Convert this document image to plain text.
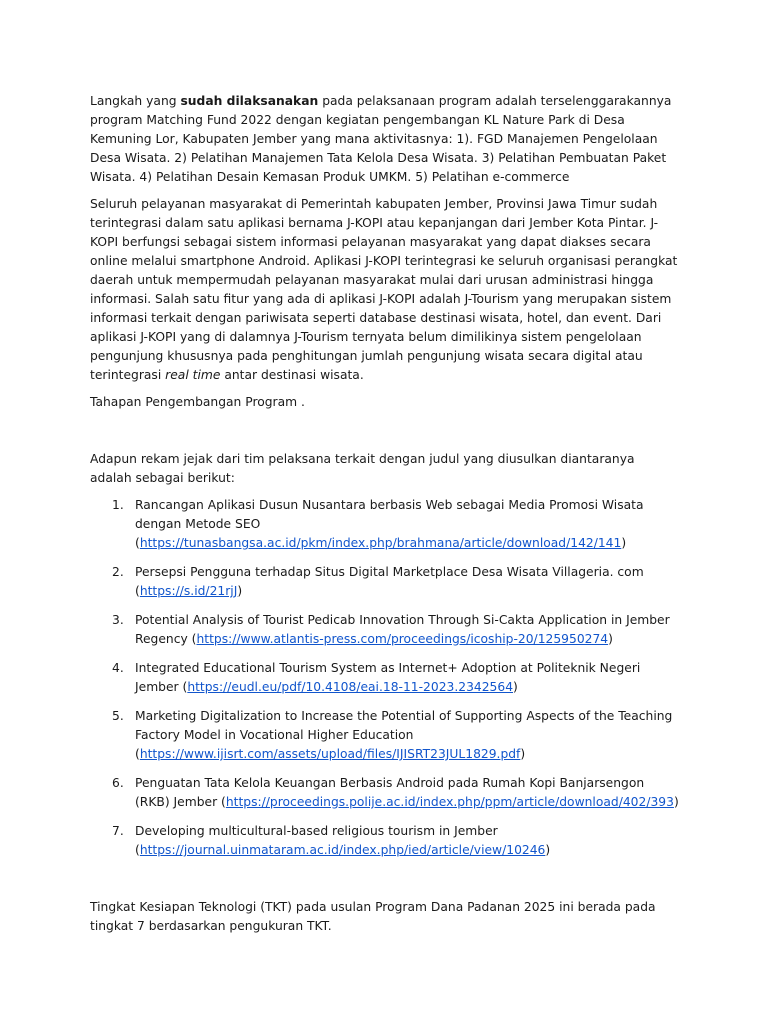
Langkah yang sudah dilaksanakan pada pelaksanaan program adalah terselenggarakannya program Matching Fund 2022 dengan kegiatan pengembangan KL Nature Park di Desa Kemuning Lor, Kabupaten Jember yang mana aktivitasnya: 1). FGD Manajemen Pengelolaan Desa Wisata. 2) Pelatihan Manajemen Tata Kelola Desa Wisata. 3) Pelatihan Pembuatan Paket Wisata. 4) Pelatihan Desain Kemasan Produk UMKM. 5) Pelatihan e-commerce

Seluruh pelayanan masyarakat di Pemerintah kabupaten Jember, Provinsi Jawa Timur sudah terintegrasi dalam satu aplikasi bernama J-KOPI atau kepanjangan dari Jember Kota Pintar. J-KOPI berfungsi sebagai sistem informasi pelayanan masyarakat yang dapat diakses secara online melalui smartphone Android. Aplikasi J-KOPI terintegrasi ke seluruh organisasi perangkat daerah untuk mempermudah pelayanan masyarakat mulai dari urusan administrasi hingga informasi. Salah satu fitur yang ada di aplikasi J-KOPI adalah J-Tourism yang merupakan sistem informasi terkait dengan pariwisata seperti database destinasi wisata, hotel, dan event. Dari aplikasi J-KOPI yang di dalamnya J-Tourism ternyata belum dimilikinya sistem pengelolaan pengunjung khususnya pada penghitungan jumlah pengunjung wisata secara digital atau terintegrasi real time antar destinasi wisata.

Tahapan Pengembangan Program .

Adapun rekam jejak dari tim pelaksana terkait dengan judul yang diusulkan diantaranya adalah sebagai berikut:

1. Rancangan Aplikasi Dusun Nusantara berbasis Web sebagai Media Promosi Wisata dengan Metode SEO (https://tunasbangsa.ac.id/pkm/index.php/brahmana/article/download/142/141)
2. Persepsi Pengguna terhadap Situs Digital Marketplace Desa Wisata Villageria. com (https://s.id/21rjJ)
3. Potential Analysis of Tourist Pedicab Innovation Through Si-Cakta Application in Jember Regency (https://www.atlantis-press.com/proceedings/icoship-20/125950274)
4. Integrated Educational Tourism System as Internet+ Adoption at Politeknik Negeri Jember (https://eudl.eu/pdf/10.4108/eai.18-11-2023.2342564)
5. Marketing Digitalization to Increase the Potential of Supporting Aspects of the Teaching Factory Model in Vocational Higher Education (https://www.ijisrt.com/assets/upload/files/IJISRT23JUL1829.pdf)
6. Penguatan Tata Kelola Keuangan Berbasis Android pada Rumah Kopi Banjarsengon (RKB) Jember (https://proceedings.polije.ac.id/index.php/ppm/article/download/402/393)
7. Developing multicultural-based religious tourism in Jember (https://journal.uinmataram.ac.id/index.php/ied/article/view/10246)

Tingkat Kesiapan Teknologi (TKT) pada usulan Program Dana Padanan 2025 ini berada pada tingkat 7 berdasarkan pengukuran TKT.
